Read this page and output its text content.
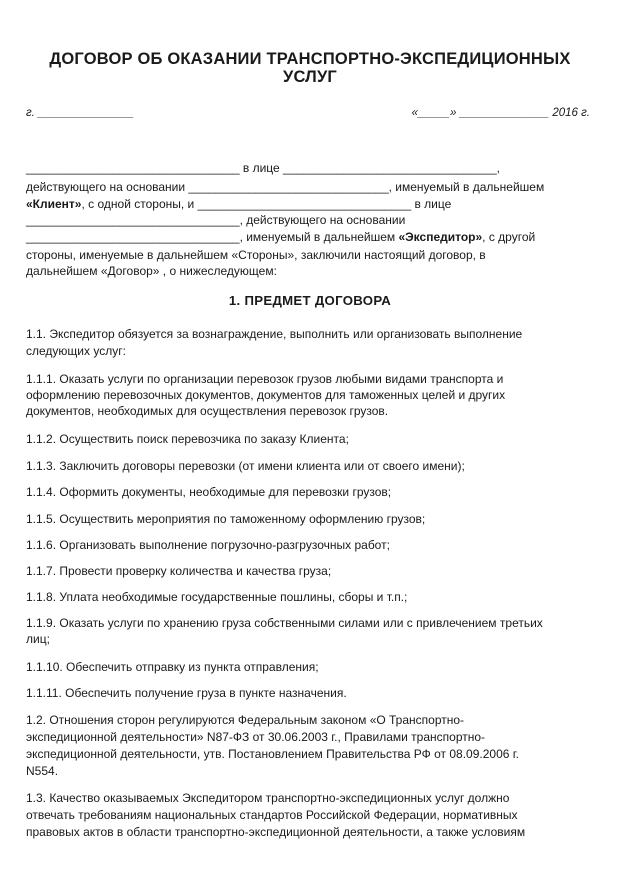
ДОГОВОР ОБ ОКАЗАНИИ ТРАНСПОРТНО-ЭКСПЕДИЦИОННЫХ
УСЛУГ
г. _______________	«_____» ______________ 2016 г.

________________________________ в лице ________________________________,

действующего на основании ______________________________, именуемый в дальнейшем

«Клиент», с одной стороны, и ________________________________ в лице

________________________________, действующего на основании

________________________________, именуемый в дальнейшем «Экспедитор», с другой

стороны, именуемые в дальнейшем «Стороны», заключили настоящий договор, в

дальнейшем «Договор» , о нижеследующем:

1. ПРЕДМЕТ ДОГОВОРА

1.1. Экспедитор обязуется за вознаграждение, выполнить или организовать выполнение

следующих услуг:

1.1.1. Оказать услуги по организации перевозок грузов любыми видами транспорта и

оформлению перевозочных документов, документов для таможенных целей и других

документов, необходимых для осуществления перевозок грузов.

1.1.2. Осуществить поиск перевозчика по заказу Клиента;

1.1.3. Заключить договоры перевозки (от имени клиента или от своего имени);

1.1.4. Оформить документы, необходимые для перевозки грузов;

1.1.5. Осуществить мероприятия по таможенному оформлению грузов;

1.1.6. Организовать выполнение погрузочно-разгрузочных работ;

1.1.7. Провести проверку количества и качества груза;

1.1.8. Уплата необходимые государственные пошлины, сборы и т.п.;

1.1.9. Оказать услуги по хранению груза собственными силами или с привлечением третьих

лиц;

1.1.10. Обеспечить отправку из пункта отправления;

1.1.11. Обеспечить получение груза в пункте назначения.

1.2. Отношения сторон регулируются Федеральным законом «О Транспортно-

экспедиционной деятельности» N87-ФЗ от 30.06.2003 г., Правилами транспортно-

экспедиционной деятельности, утв. Постановлением Правительства РФ от 08.09.2006 г.

N554.

1.3. Качество оказываемых Экспедитором транспортно-экспедиционных услуг должно

отвечать требованиям национальных стандартов Российской Федерации, нормативных

правовых актов в области транспортно-экспедиционной деятельности, а также условиям
